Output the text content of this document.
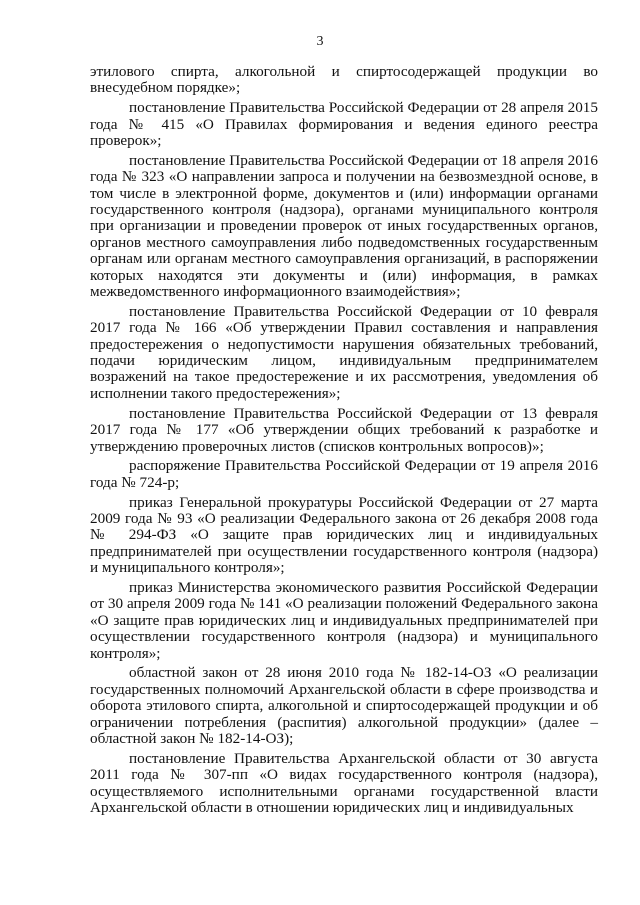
3

этилового спирта, алкогольной и спиртосодержащей продукции во внесудебном порядке»;

постановление Правительства Российской Федерации от 28 апреля 2015 года № 415 «О Правилах формирования и ведения единого реестра проверок»;

постановление Правительства Российской Федерации от 18 апреля 2016 года № 323 «О направлении запроса и получении на безвозмездной основе, в том числе в электронной форме, документов и (или) информации органами государственного контроля (надзора), органами муниципального контроля при организации и проведении проверок от иных государственных органов, органов местного самоуправления либо подведомственных государственным органам или органам местного самоуправления организаций, в распоряжении которых находятся эти документы и (или) информация, в рамках межведомственного информационного взаимодействия»;

постановление Правительства Российской Федерации от 10 февраля 2017 года № 166 «Об утверждении Правил составления и направления предостережения о недопустимости нарушения обязательных требований, подачи юридическим лицом, индивидуальным предпринимателем возражений на такое предостережение и их рассмотрения, уведомления об исполнении такого предостережения»;

постановление Правительства Российской Федерации от 13 февраля 2017 года № 177 «Об утверждении общих требований к разработке и утверждению проверочных листов (списков контрольных вопросов)»;

распоряжение Правительства Российской Федерации от 19 апреля 2016 года № 724-р;

приказ Генеральной прокуратуры Российской Федерации от 27 марта 2009 года № 93 «О реализации Федерального закона от 26 декабря 2008 года № 294-ФЗ «О защите прав юридических лиц и индивидуальных предпринимателей при осуществлении государственного контроля (надзора) и муниципального контроля»;

приказ Министерства экономического развития Российской Федерации от 30 апреля 2009 года № 141 «О реализации положений Федерального закона «О защите прав юридических лиц и индивидуальных предпринимателей при осуществлении государственного контроля (надзора) и муниципального контроля»;

областной закон от 28 июня 2010 года № 182-14-ОЗ «О реализации государственных полномочий Архангельской области в сфере производства и оборота этилового спирта, алкогольной и спиртосодержащей продукции и об ограничении потребления (распития) алкогольной продукции» (далее – областной закон № 182-14-ОЗ);

постановление Правительства Архангельской области от 30 августа 2011 года № 307-пп «О видах государственного контроля (надзора), осуществляемого исполнительными органами государственной власти Архангельской области в отношении юридических лиц и индивидуальных
